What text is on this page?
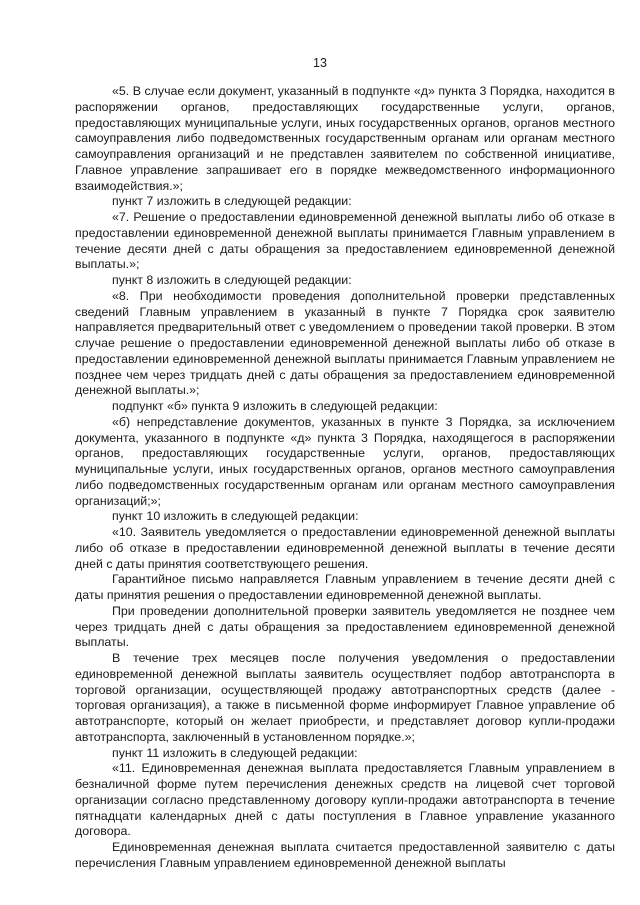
13

«5. В случае если документ, указанный в подпункте «д» пункта 3 Порядка, находится в распоряжении органов, предоставляющих государственные услуги, органов, предоставляющих муниципальные услуги, иных государственных органов, органов местного самоуправления либо подведомственных государственным органам или органам местного самоуправления организаций и не представлен заявителем по собственной инициативе, Главное управление запрашивает его в порядке межведомственного информационного взаимодействия.»;

пункт 7 изложить в следующей редакции:

«7. Решение о предоставлении единовременной денежной выплаты либо об отказе в предоставлении единовременной денежной выплаты принимается Главным управлением в течение десяти дней с даты обращения за предоставлением единовременной денежной выплаты.»;

пункт 8 изложить в следующей редакции:

«8. При необходимости проведения дополнительной проверки представленных сведений Главным управлением в указанный в пункте 7 Порядка срок заявителю направляется предварительный ответ с уведомлением о проведении такой проверки. В этом случае решение о предоставлении единовременной денежной выплаты либо об отказе в предоставлении единовременной денежной выплаты принимается Главным управлением не позднее чем через тридцать дней с даты обращения за предоставлением единовременной денежной выплаты.»;

подпункт «б» пункта 9 изложить в следующей редакции:

«б) непредставление документов, указанных в пункте 3 Порядка, за исключением документа, указанного в подпункте «д» пункта 3 Порядка, находящегося в распоряжении органов, предоставляющих государственные услуги, органов, предоставляющих муниципальные услуги, иных государственных органов, органов местного самоуправления либо подведомственных государственным органам или органам местного самоуправления организаций;»;

пункт 10 изложить в следующей редакции:

«10. Заявитель уведомляется о предоставлении единовременной денежной выплаты либо об отказе в предоставлении единовременной денежной выплаты в течение десяти дней с даты принятия соответствующего решения.

Гарантийное письмо направляется Главным управлением в течение десяти дней с даты принятия решения о предоставлении единовременной денежной выплаты.

При проведении дополнительной проверки заявитель уведомляется не позднее чем через тридцать дней с даты обращения за предоставлением единовременной денежной выплаты.

В течение трех месяцев после получения уведомления о предоставлении единовременной денежной выплаты заявитель осуществляет подбор автотранспорта в торговой организации, осуществляющей продажу автотранспортных средств (далее - торговая организация), а также в письменной форме информирует Главное управление об автотранспорте, который он желает приобрести, и представляет договор купли-продажи автотранспорта, заключенный в установленном порядке.»;

пункт 11 изложить в следующей редакции:

«11. Единовременная денежная выплата предоставляется Главным управлением в безналичной форме путем перечисления денежных средств на лицевой счет торговой организации согласно представленному договору купли-продажи автотранспорта в течение пятнадцати календарных дней с даты поступления в Главное управление указанного договора.

Единовременная денежная выплата считается предоставленной заявителю с даты перечисления Главным управлением единовременной денежной выплаты
